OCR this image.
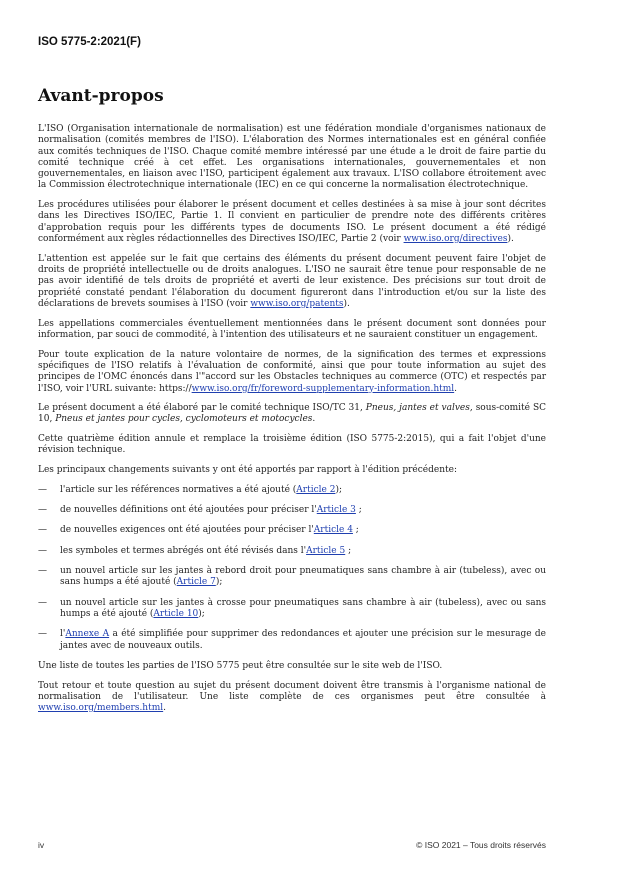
ISO 5775-2:2021(F)
Avant-propos

L'ISO (Organisation internationale de normalisation) est une fédération mondiale d'organismes nationaux de normalisation (comités membres de l'ISO). L'élaboration des Normes internationales est en général confiée aux comités techniques de l'ISO. Chaque comité membre intéressé par une étude a le droit de faire partie du comité technique créé à cet effet. Les organisations internationales, gouvernementales et non gouvernementales, en liaison avec l'ISO, participent également aux travaux. L'ISO collabore étroitement avec la Commission électrotechnique internationale (IEC) en ce qui concerne la normalisation électrotechnique.

Les procédures utilisées pour élaborer le présent document et celles destinées à sa mise à jour sont décrites dans les Directives ISO/IEC, Partie 1. Il convient en particulier de prendre note des différents critères d'approbation requis pour les différents types de documents ISO. Le présent document a été rédigé conformément aux règles rédactionnelles des Directives ISO/IEC, Partie 2 (voir www.iso.org/directives).

L'attention est appelée sur le fait que certains des éléments du présent document peuvent faire l'objet de droits de propriété intellectuelle ou de droits analogues. L'ISO ne saurait être tenue pour responsable de ne pas avoir identifié de tels droits de propriété et averti de leur existence. Des précisions sur tout droit de propriété constaté pendant l'élaboration du document figureront dans l'introduction et/ou sur la liste des déclarations de brevets soumises à l'ISO (voir www.iso.org/patents).

Les appellations commerciales éventuellement mentionnées dans le présent document sont données pour information, par souci de commodité, à l'intention des utilisateurs et ne sauraient constituer un engagement.

Pour toute explication de la nature volontaire de normes, de la signification des termes et expressions spécifiques de l'ISO relatifs à l'évaluation de conformité, ainsi que pour toute information au sujet des principes de l'OMC énoncés dans l'"accord sur les Obstacles techniques au commerce (OTC) et respectés par l'ISO, voir l'URL suivante: https://www.iso.org/fr/foreword-supplementary-information.html.

Le présent document a été élaboré par le comité technique ISO/TC 31, Pneus, jantes et valves, sous-comité SC 10, Pneus et jantes pour cycles, cyclomoteurs et motocycles.

Cette quatrième édition annule et remplace la troisième édition (ISO 5775-2:2015), qui a fait l'objet d'une révision technique.

Les principaux changements suivants y ont été apportés par rapport à l'édition précédente:

—	l'article sur les références normatives a été ajouté (Article 2);
—	de nouvelles définitions ont été ajoutées pour préciser l'Article 3 ;
—	de nouvelles exigences ont été ajoutées pour préciser l'Article 4 ;
—	les symboles et termes abrégés ont été révisés dans l'Article 5 ;
—	un nouvel article sur les jantes à rebord droit pour pneumatiques sans chambre à air (tubeless), avec ou sans humps a été ajouté (Article 7);
—	un nouvel article sur les jantes à crosse pour pneumatiques sans chambre à air (tubeless), avec ou sans humps a été ajouté (Article 10);
—	l'Annexe A a été simplifiée pour supprimer des redondances et ajouter une précision sur le mesurage de jantes avec de nouveaux outils.

Une liste de toutes les parties de l'ISO 5775 peut être consultée sur le site web de l'ISO.

Tout retour et toute question au sujet du présent document doivent être transmis à l'organisme national de normalisation de l'utilisateur. Une liste complète de ces organismes peut être consultée à www.iso.org/members.html.

iv	© ISO 2021 – Tous droits réservés
